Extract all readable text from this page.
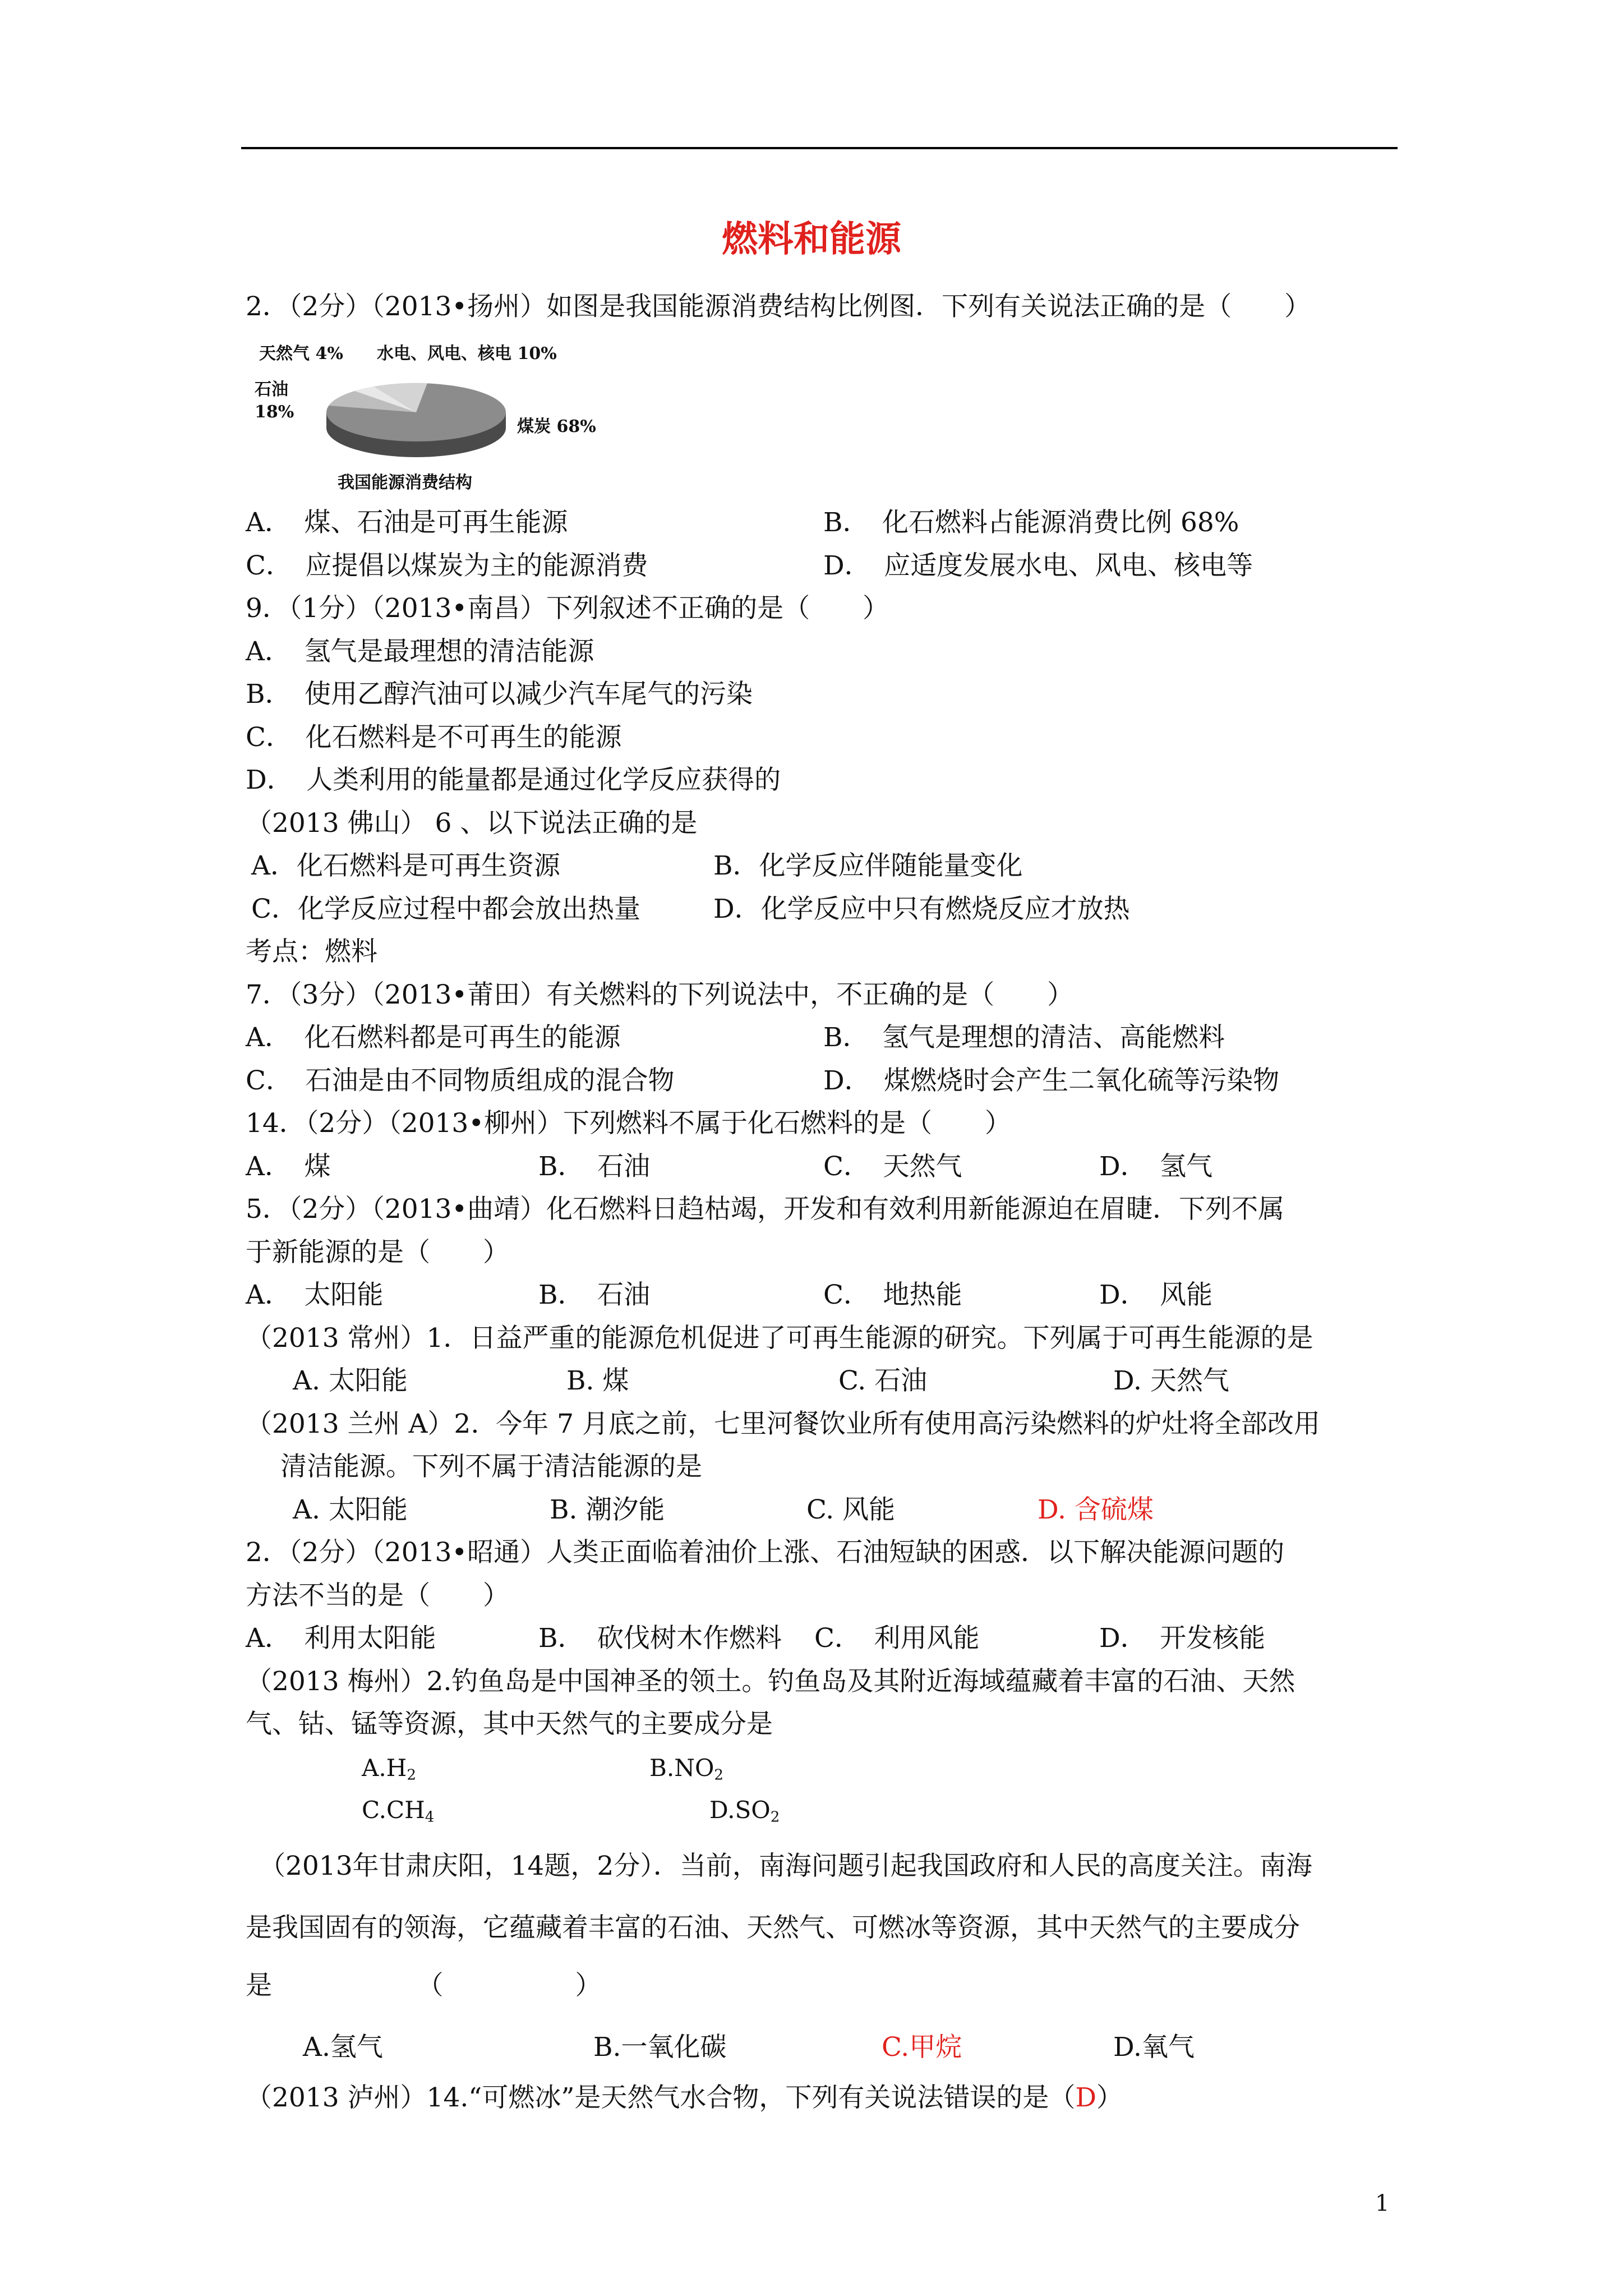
燃料和能源
2．（2分）（2013•扬州）如图是我国能源消费结构比例图．下列有关说法正确的是（　　）
天然气 4% 水电、风电、核电 10%
石油
18%
煤炭 68%
我国能源消费结构
A．　煤、石油是可再生能源	B．　化石燃料占能源消费比例 68%
C．　应提倡以煤炭为主的能源消费	D．　应适度发展水电、风电、核电等
9．（1分）（2013•南昌）下列叙述不正确的是（　　）
A．　氢气是最理想的清洁能源
B．　使用乙醇汽油可以减少汽车尾气的污染
C．　化石燃料是不可再生的能源
D．　人类利用的能量都是通过化学反应获得的
（2013 佛山） 6 、以下说法正确的是
A．化石燃料是可再生资源	B．化学反应伴随能量变化
C．化学反应过程中都会放出热量	D．化学反应中只有燃烧反应才放热
考点：燃料
7．（3分）（2013•莆田）有关燃料的下列说法中，不正确的是（　　）
A．　化石燃料都是可再生的能源	B．　氢气是理想的清洁、高能燃料
C．　石油是由不同物质组成的混合物	D．　煤燃烧时会产生二氧化硫等污染物
14．（2分）（2013•柳州）下列燃料不属于化石燃料的是（　　）
A．　煤	B．　石油	C．　天然气	D．　氢气
5．（2分）（2013•曲靖）化石燃料日趋枯竭，开发和有效利用新能源迫在眉睫．下列不属
于新能源的是（　　）
A．　太阳能	B．　石油	C．　地热能	D．　风能
（2013 常州）1．日益严重的能源危机促进了可再生能源的研究。下列属于可再生能源的是
A. 太阳能	B. 煤	C. 石油	D. 天然气
（2013 兰州 A）2.  今年 7 月底之前，七里河餐饮业所有使用高污染燃料的炉灶将全部改用
清洁能源。下列不属于清洁能源的是
A. 太阳能	B. 潮汐能	C. 风能	D. 含硫煤
2．（2分）（2013•昭通）人类正面临着油价上涨、石油短缺的困惑．以下解决能源问题的
方法不当的是（　　）
A．　利用太阳能	B．　砍伐树木作燃料 C．　利用风能	D．　开发核能
（2013 梅州）2.钓鱼岛是中国神圣的领土。钓鱼岛及其附近海域蕴藏着丰富的石油、天然
气、钴、锰等资源，其中天然气的主要成分是
$A.H_2$	$B.NO_2$
$C.CH_4$	$D.SO_2$
（2013年甘肃庆阳，14题，2分）．当前，南海问题引起我国政府和人民的高度关注。南海
是我国固有的领海，它蕴藏着丰富的石油、天然气、可燃冰等资源，其中天然气的主要成分
是　　　　　　（　　　　　）
A.氢气	B.一氧化碳	C.甲烷	D.氧气
（2013 泸州）14.“可燃冰”是天然气水合物，下列有关说法错误的是（D）
1
